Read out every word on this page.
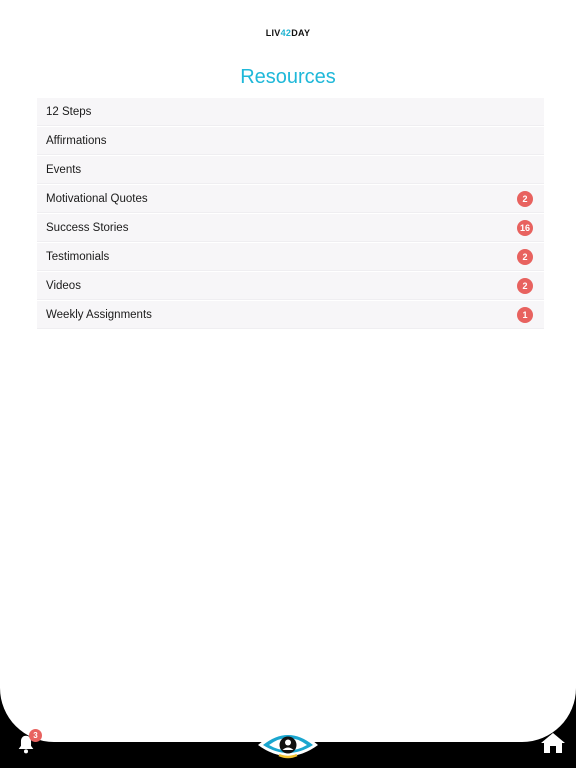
LIV42DAY
Resources
12 Steps
Affirmations
Events
Motivational Quotes	2
Success Stories	16
Testimonials	2
Videos	2
Weekly Assignments	1
3
